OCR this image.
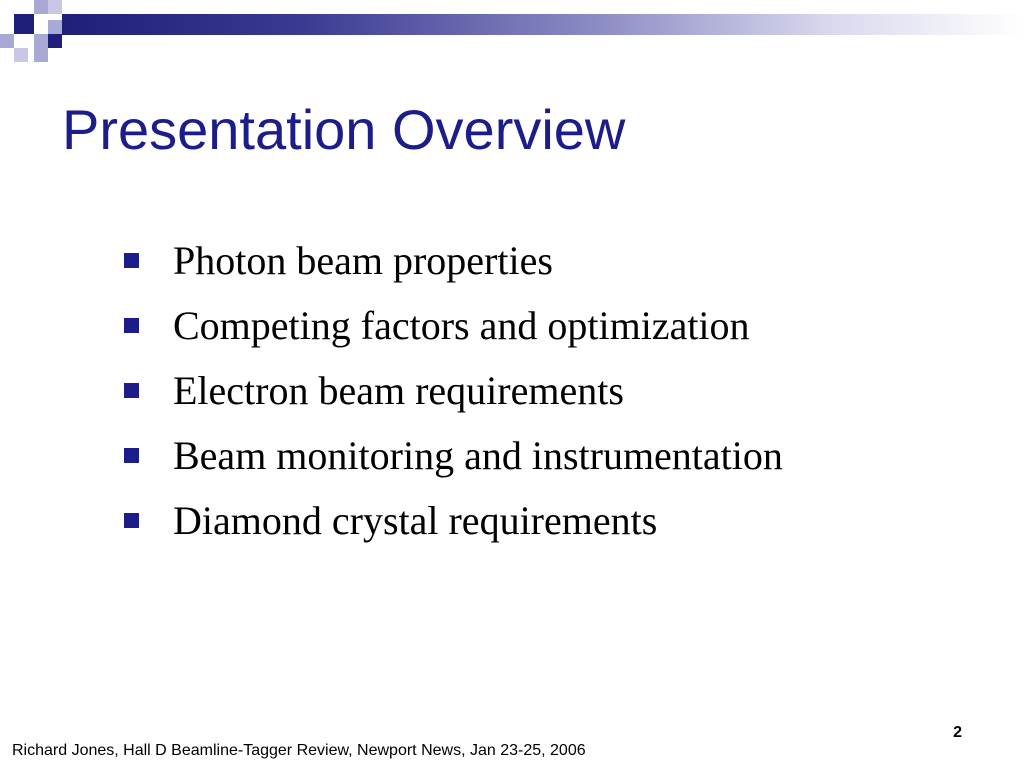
Presentation Overview
Photon beam properties
Competing factors and optimization
Electron beam requirements
Beam monitoring and instrumentation
Diamond crystal requirements
2
Richard Jones, Hall D Beamline-Tagger Review, Newport News, Jan 23-25, 2006
